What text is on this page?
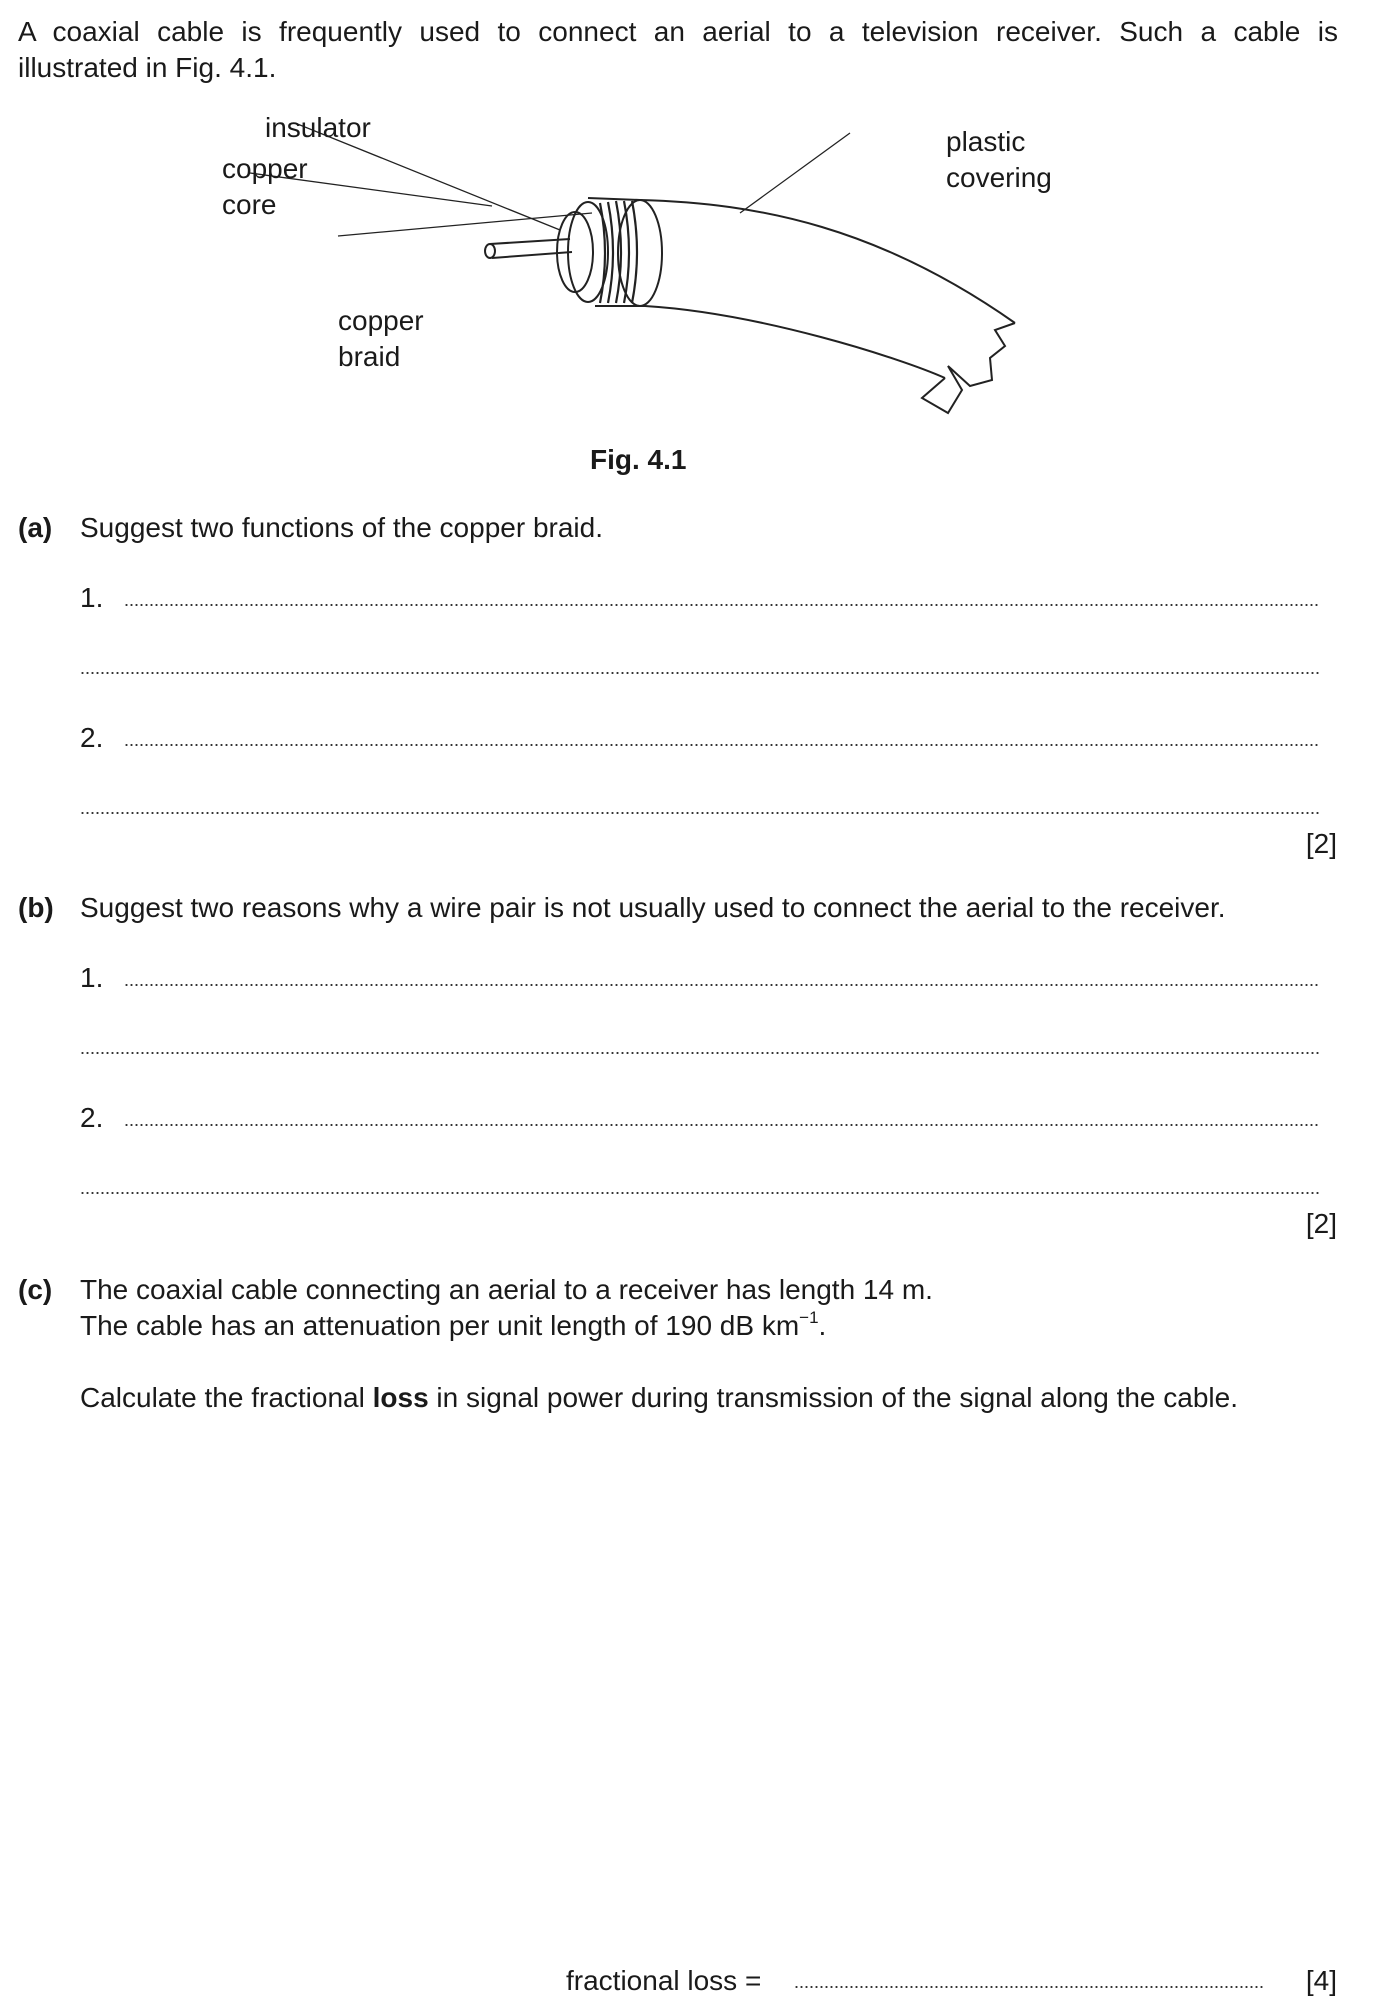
A coaxial cable is frequently used to connect an aerial to a television receiver. Such a cable is
illustrated in Fig. 4.1.
insulator
copper
core
copper
braid
plastic
covering
Fig. 4.1
(a) Suggest two functions of the copper braid.
1.
2.
[2]
(b) Suggest two reasons why a wire pair is not usually used to connect the aerial to the receiver.
1.
2.
[2]
(c) The coaxial cable connecting an aerial to a receiver has length 14 m.
The cable has an attenuation per unit length of 190 dB $km^{-1}$.
Calculate the fractional loss in signal power during transmission of the signal along the cable.
fractional loss =	[4]
